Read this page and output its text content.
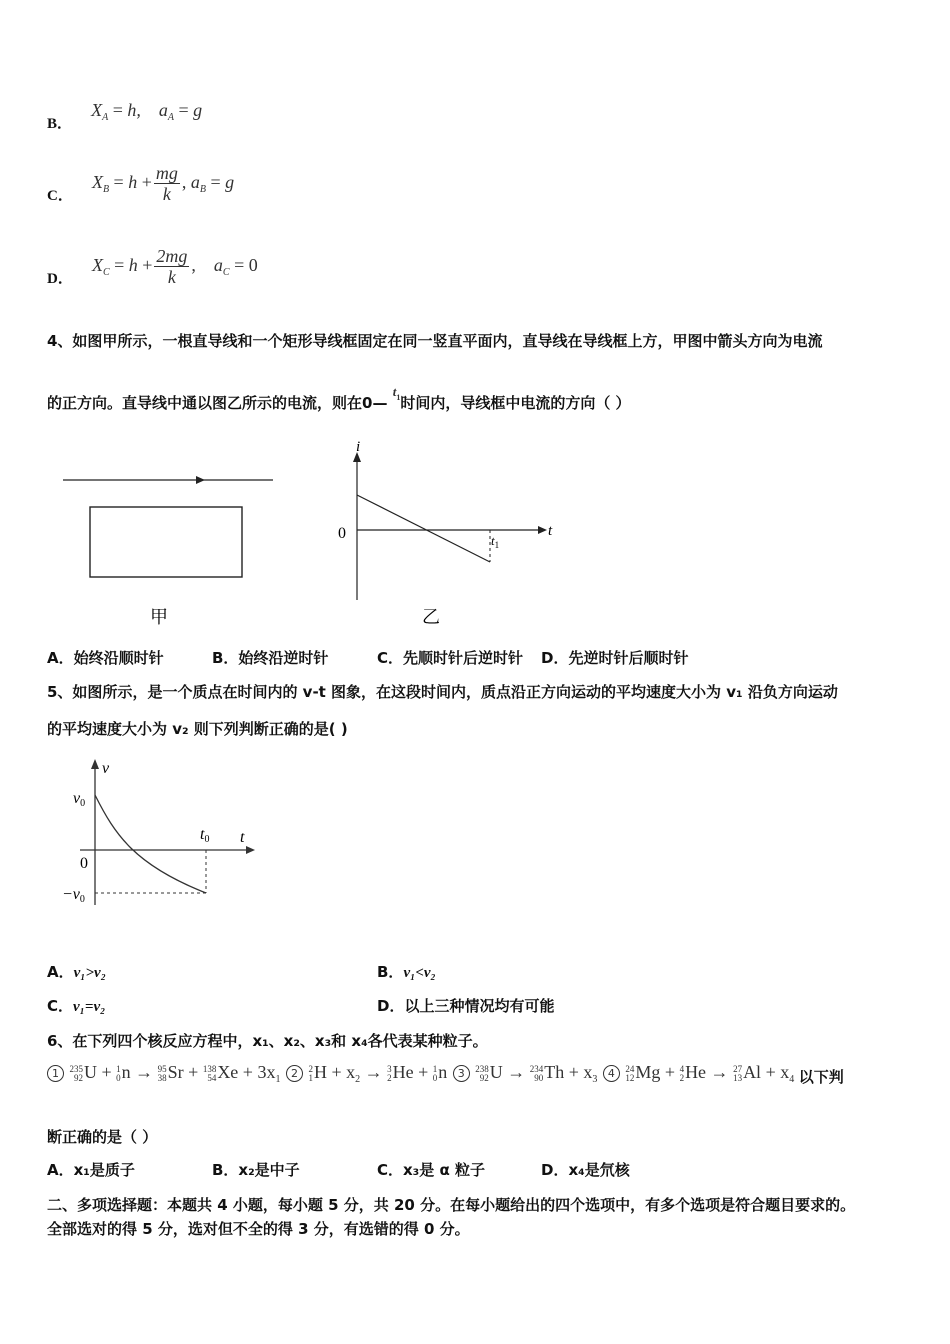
B． $X_A = h$,    $a_A = g$
C． $X_B = h + \frac{mg}{k}$ , $a_B = g$
D． $X_C = h + \frac{2mg}{k}$ ,    $a_C = 0$
4、如图甲所示，一根直导线和一个矩形导线框固定在同一竖直平面内，直导线在导线框上方，甲图中箭头方向为电流
的正方向。直导线中通以图乙所示的电流，则在0— $t_1$时间内，导线框中电流的方向（ ）
甲
i
t
0	$t_1$
乙
A．始终沿顺时针	B．始终沿逆时针	C．先顺时针后逆时针 D．先逆时针后顺时针
5、如图所示，是一个质点在时间内的 v-t 图象，在这段时间内，质点沿正方向运动的平均速度大小为 v₁ 沿负方向运动
的平均速度大小为 v₂ 则下列判断正确的是( )
v
t
0
v0
−v0
t0
A．v₁>v₂	B．v₁<v₂
C．v₁=v₂	D．以上三种情况均有可能
6、在下列四个核反应方程中，x₁、x₂、x₃和 x₄各代表某种粒子。
1 235
92 U + 1
0 n → 95
38 Sr + 138
54 $Xe + 3x_1$ 2 2
1 $H + x_2 \to 3$
2 He + 1
0 n 3 238
92 U → 234
90 $Th + x_3$ 4 24
12 Mg + 4
2 He → 27
13 $Al + x_4$ $_{以下判}$
断正确的是（ ）
A．x₁是质子	B．x₂是中子	C．x₃是 α 粒子	D．x₄是氘核
二、多项选择题：本题共 4 小题，每小题 5 分，共 20 分。在每小题给出的四个选项中，有多个选项是符合题目要求的。
全部选对的得 5 分，选对但不全的得 3 分，有选错的得 0 分。
